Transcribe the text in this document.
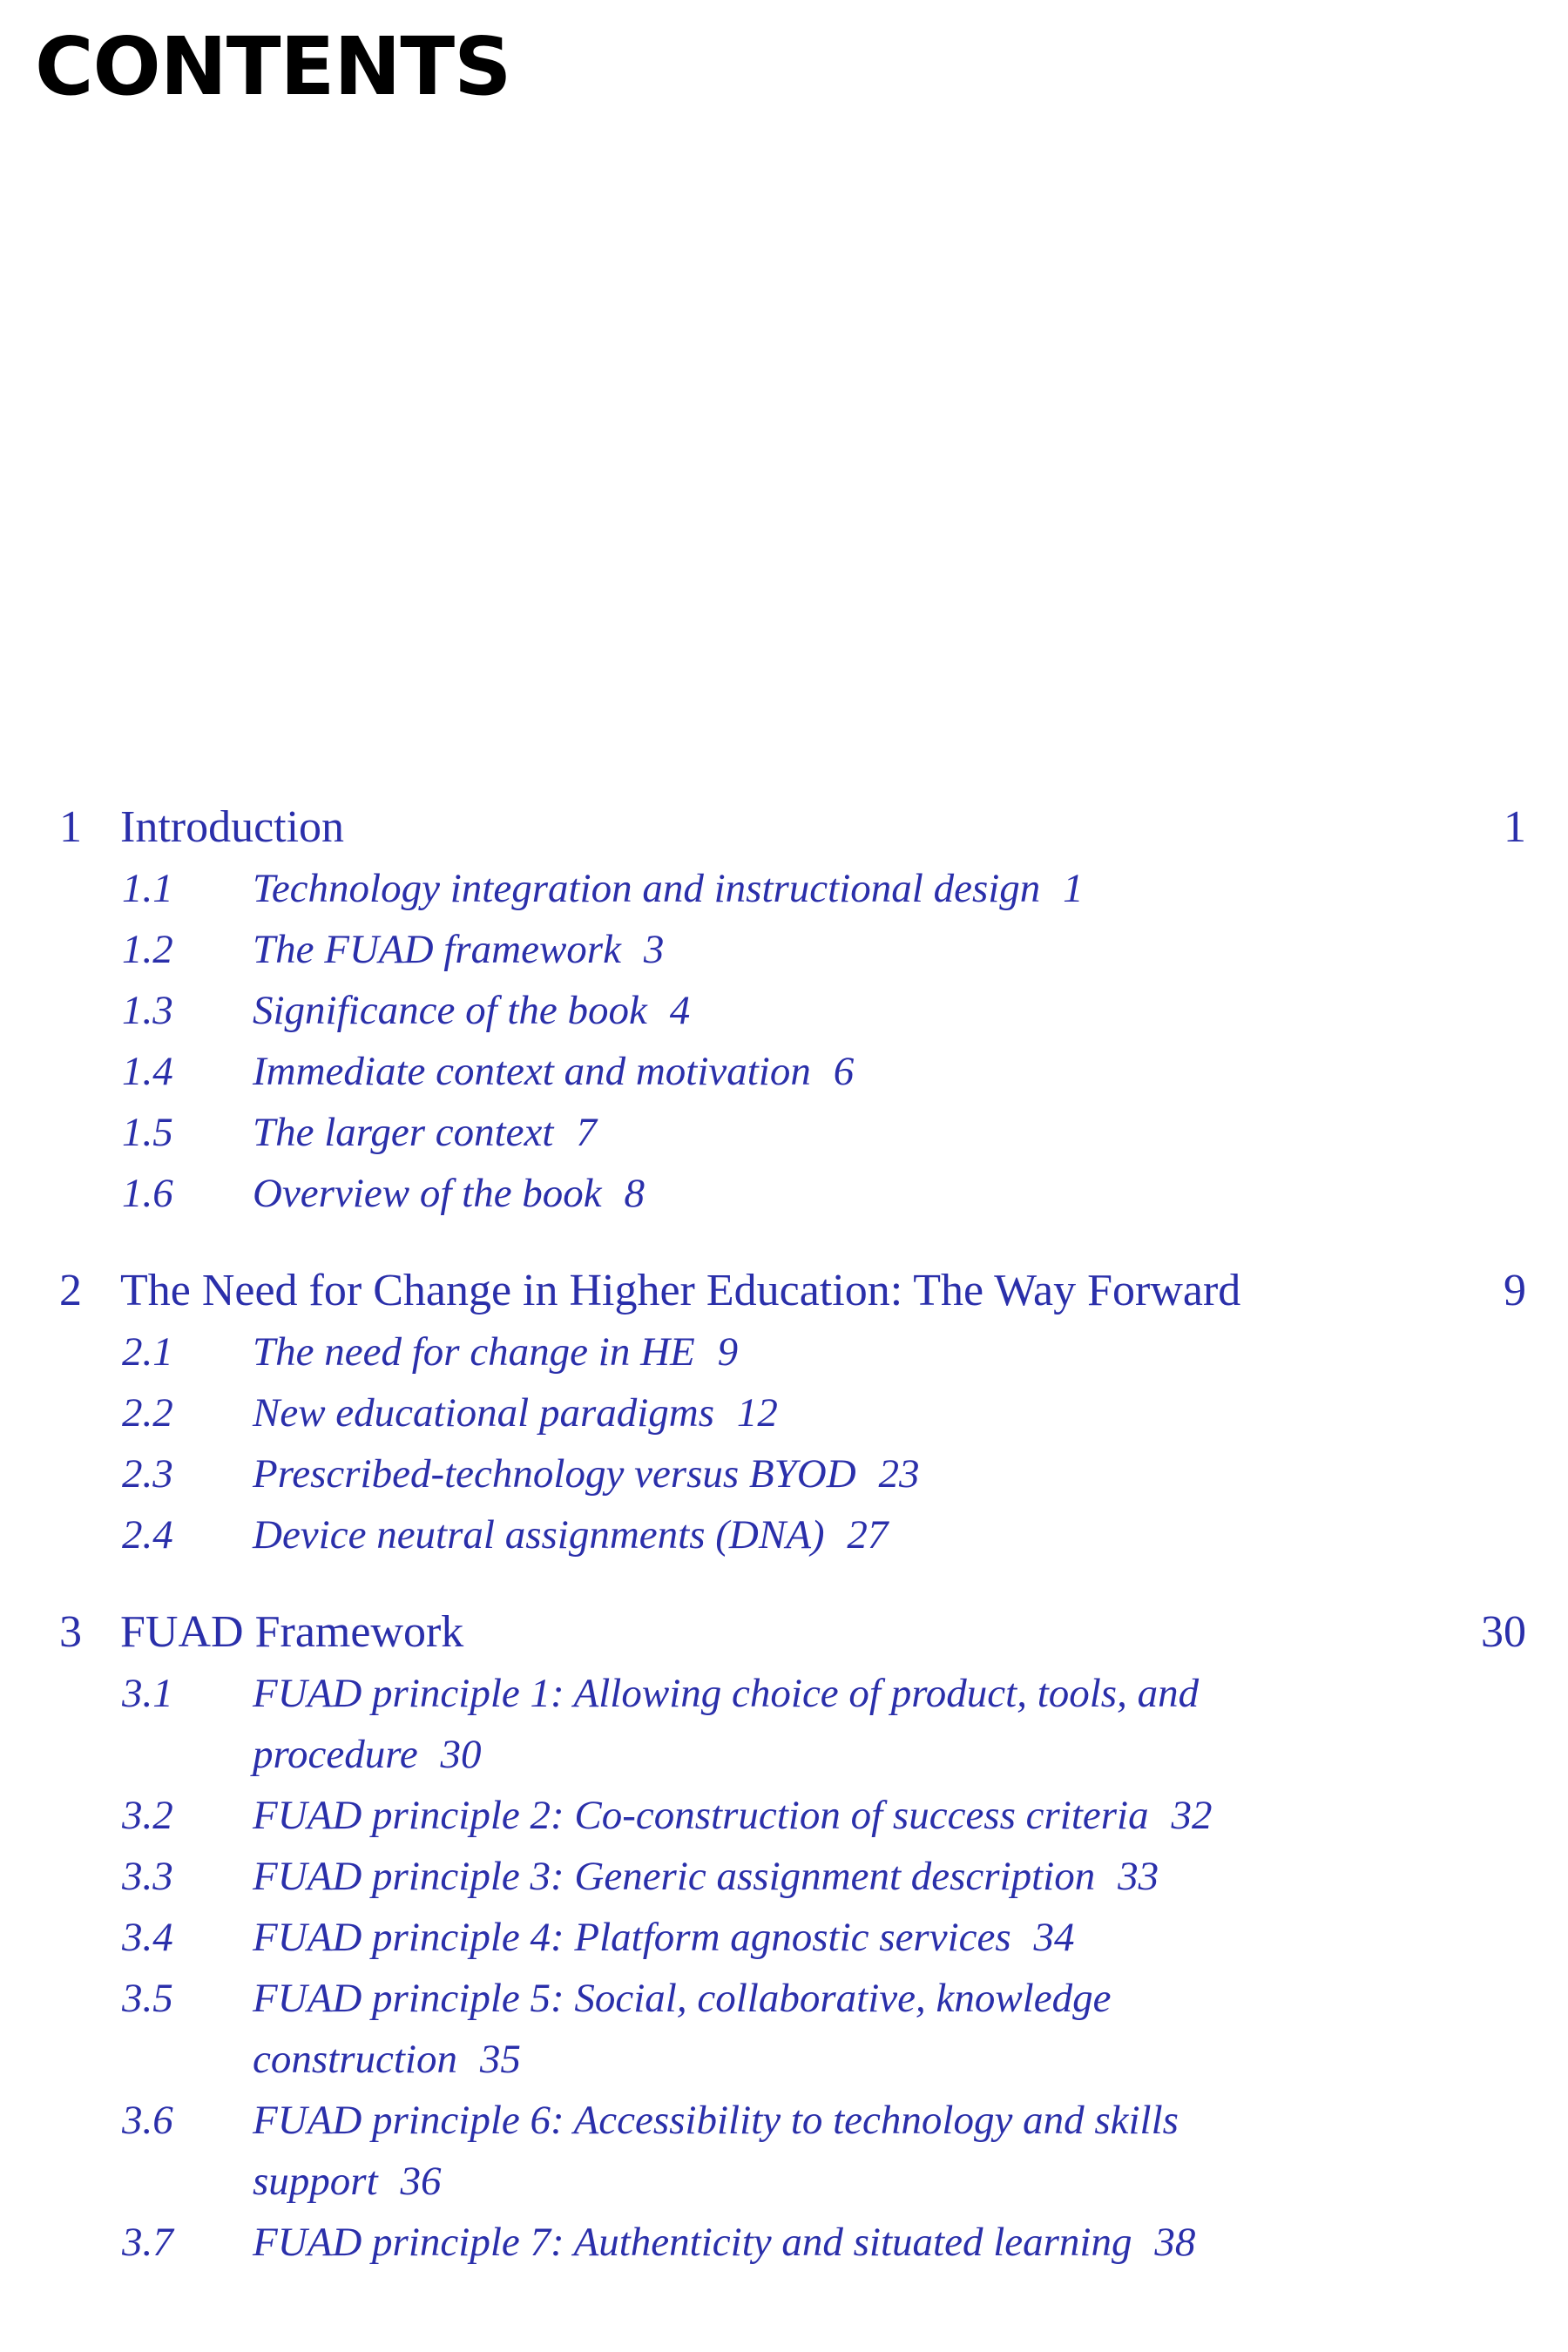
CONTENTS
1 Introduction	1
1.1 Technology integration and instructional design 1
1.2 The FUAD framework 3
1.3 Significance of the book 4
1.4 Immediate context and motivation 6
1.5 The larger context 7
1.6 Overview of the book 8
2 The Need for Change in Higher Education: The Way Forward	9
2.1 The need for change in HE 9
2.2 New educational paradigms 12
2.3 Prescribed-technology versus BYOD 23
2.4 Device neutral assignments (DNA) 27
3 FUAD Framework	30
3.1 FUAD principle 1: Allowing choice of product, tools, and procedure 30
3.2 FUAD principle 2: Co-construction of success criteria 32
3.3 FUAD principle 3: Generic assignment description 33
3.4 FUAD principle 4: Platform agnostic services 34
3.5 FUAD principle 5: Social, collaborative, knowledge construction 35
3.6 FUAD principle 6: Accessibility to technology and skills support 36
3.7 FUAD principle 7: Authenticity and situated learning 38
